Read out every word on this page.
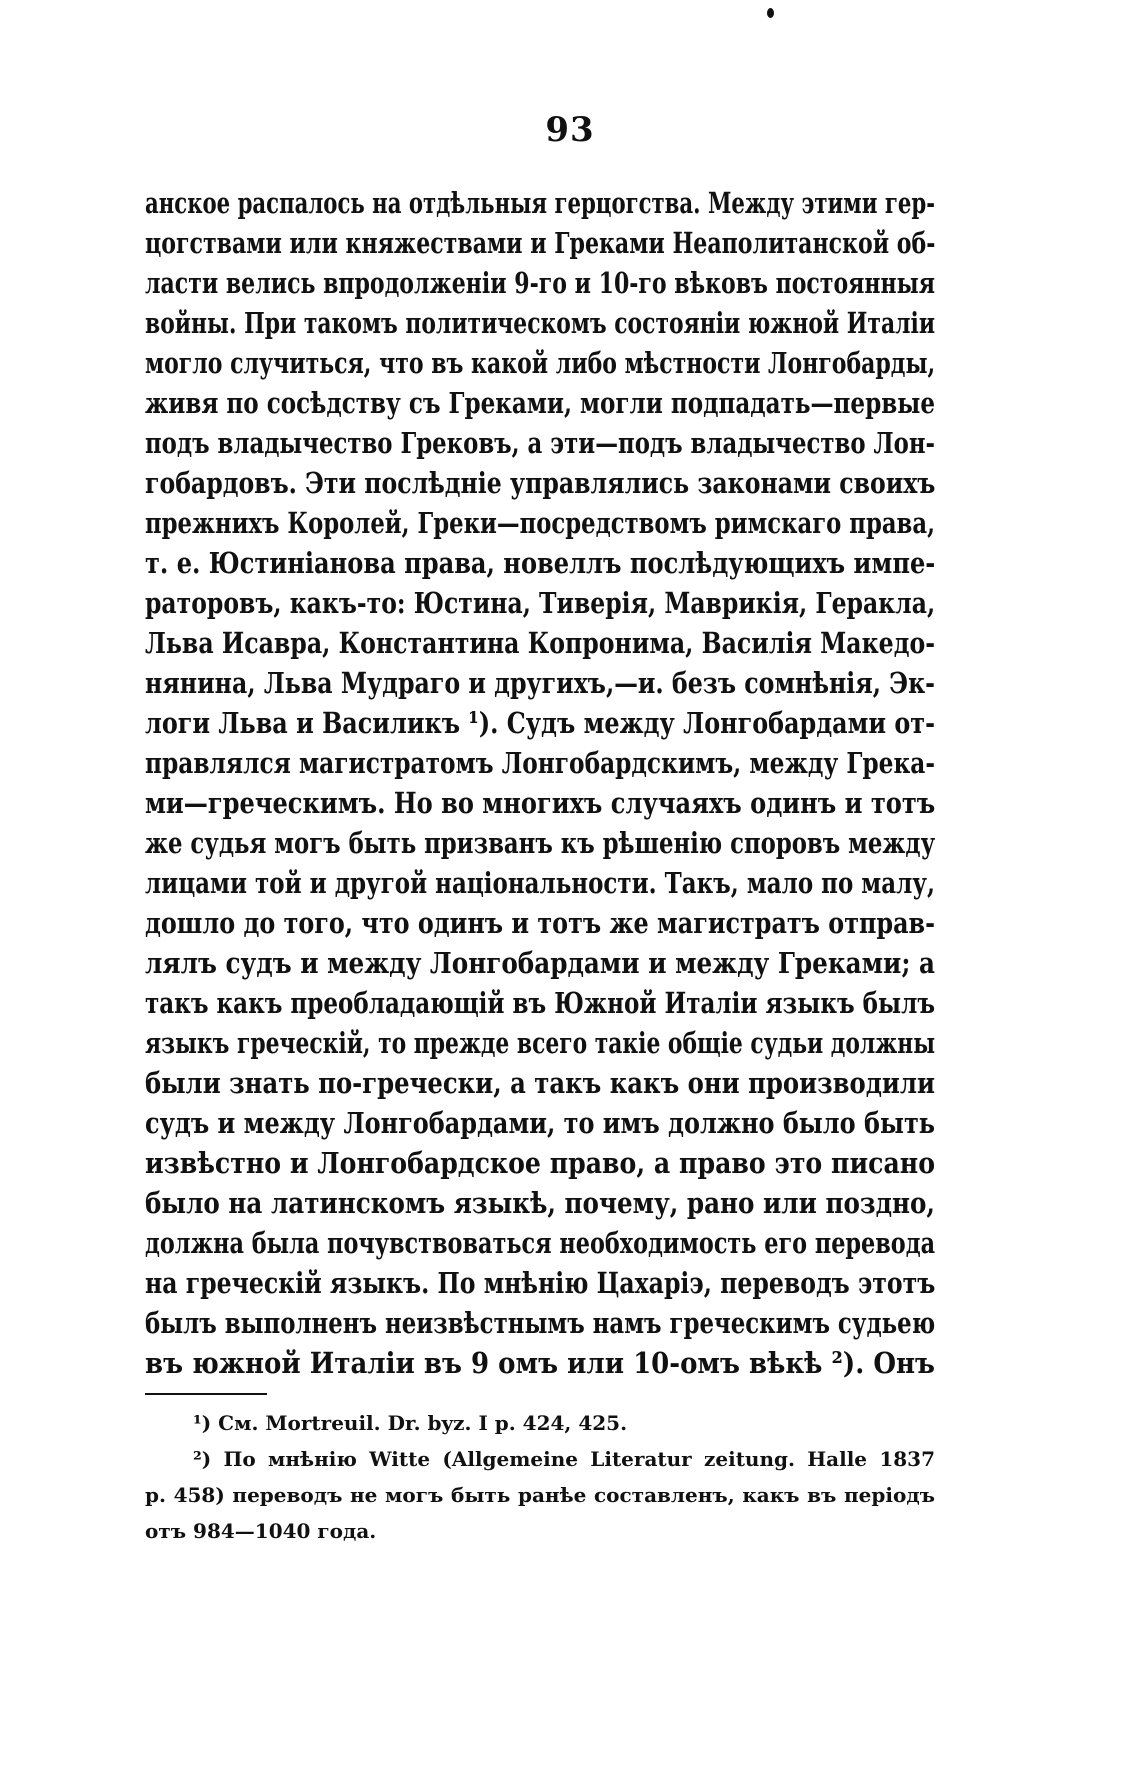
93
анское распалось на отдѣльныя герцогства. Между этими гер-
цогствами или княжествами и Греками Неаполитанской об-
ласти велись впродолженіи 9-го и 10-го вѣковъ постоянныя
войны. При такомъ политическомъ состояніи южной Италіи
могло случиться, что въ какой либо мѣстности Лонгобарды,
живя по сосѣдству съ Греками, могли подпадать—первые
подъ владычество Грековъ, а эти—подъ владычество Лон-
гобардовъ. Эти послѣдніе управлялись законами своихъ
прежнихъ Королей, Греки—посредствомъ римскаго права,
т. е. Юстиніанова права, новеллъ послѣдующихъ импе-
раторовъ, какъ-то: Юстина, Тиверія, Маврикія, Геракла,
Льва Исавра, Константина Копронима, Василія Македо-
нянина, Льва Мудраго и другихъ,—и. безъ сомнѣнія, Эк-
логи Льва и Василикъ ¹). Судъ между Лонгобардами от-
правлялся магистратомъ Лонгобардскимъ, между Грека-
ми—греческимъ. Но во многихъ случаяхъ одинъ и тотъ
же судья могъ быть призванъ къ рѣшенію споровъ между
лицами той и другой національности. Такъ, мало по малу,
дошло до того, что одинъ и тотъ же магистратъ отправ-
лялъ судъ и между Лонгобардами и между Греками; а
такъ какъ преобладающій въ Южной Италіи языкъ былъ
языкъ греческій, то прежде всего такіе общіе судьи должны
были знать по-гречески, а такъ какъ они производили
судъ и между Лонгобардами, то имъ должно было быть
извѣстно и Лонгобардское право, а право это писано
было на латинскомъ языкѣ, почему, рано или поздно,
должна была почувствоваться необходимость его перевода
на греческій языкъ. По мнѣнію Цахаріэ, переводъ этотъ
былъ выполненъ неизвѣстнымъ намъ греческимъ судьею
въ южной Италіи въ 9 омъ или 10-омъ вѣкѣ ²). Онъ
¹) См. Mortreuil. Dr. byz. I p. 424, 425.
²) По мнѣнію Witte (Allgemeine Literatur zeitung. Halle 1837
p. 458) переводъ не могъ быть ранѣе составленъ, какъ въ періодъ
отъ 984—1040 года.
